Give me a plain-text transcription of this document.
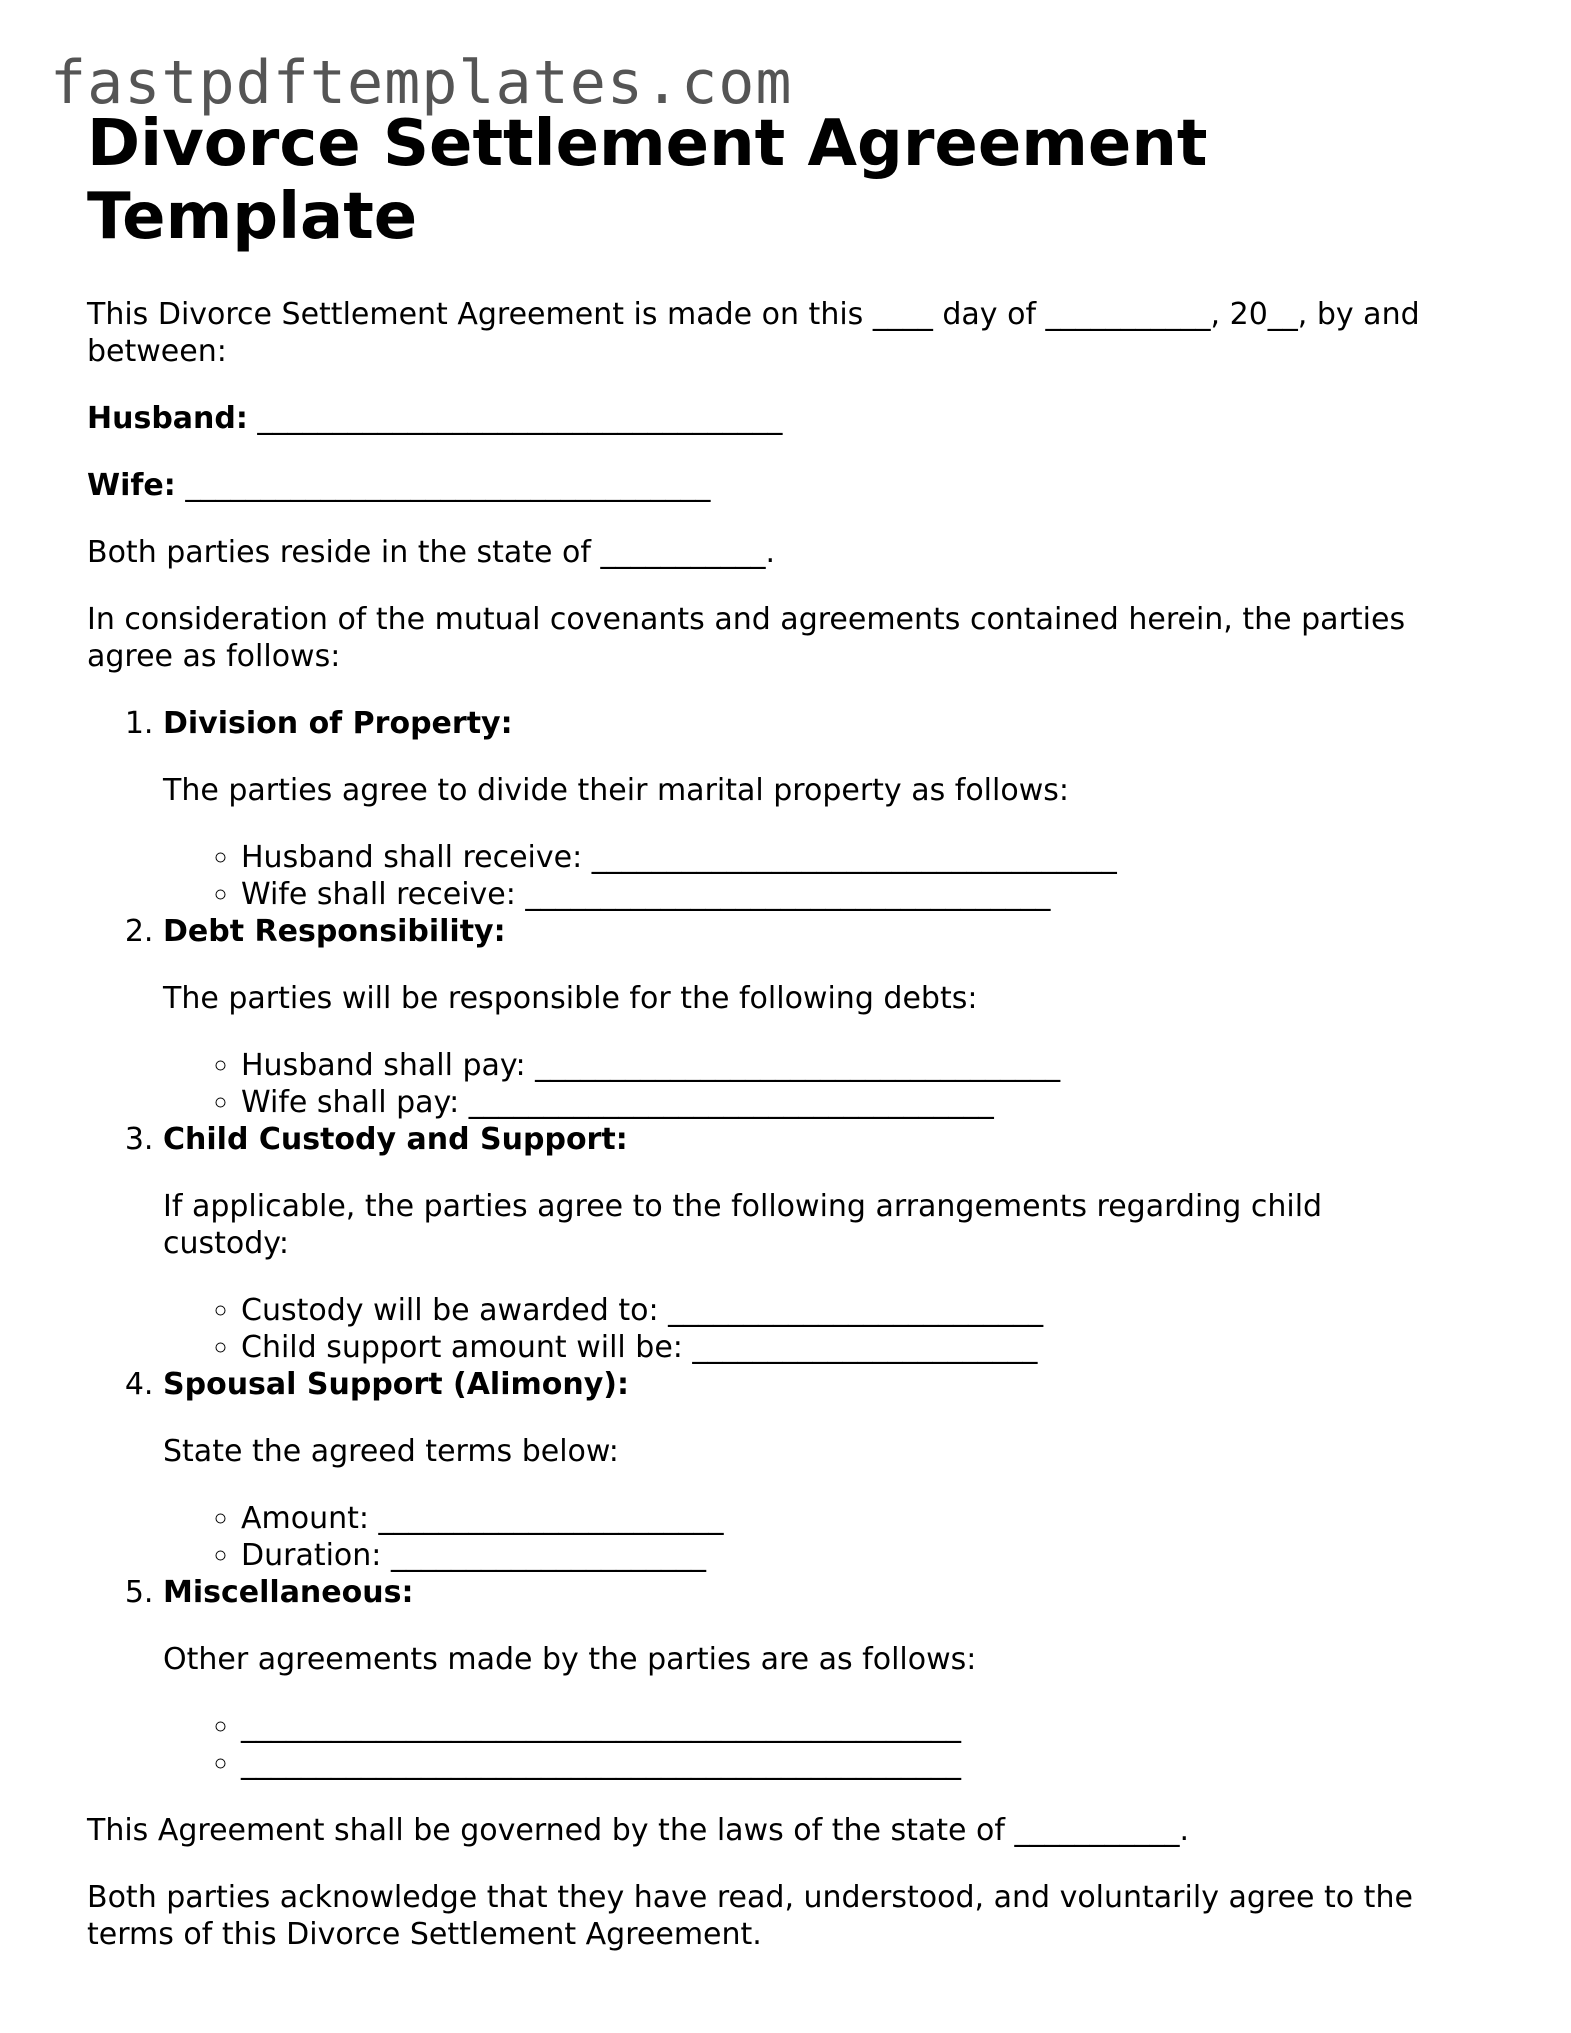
fastpdftemplates.com
Divorce Settlement Agreement Template

This Divorce Settlement Agreement is made on this ____ day of ___________, 20__, by and between:

Husband: ___________________________________

Wife: ___________________________________

Both parties reside in the state of ___________.

In consideration of the mutual covenants and agreements contained herein, the parties agree as follows:

1. Division of Property:

The parties agree to divide their marital property as follows:

◦ Husband shall receive: ___________________________________
◦ Wife shall receive: ___________________________________
2. Debt Responsibility:

The parties will be responsible for the following debts:

◦ Husband shall pay: ___________________________________
◦ Wife shall pay: ___________________________________
3. Child Custody and Support:

If applicable, the parties agree to the following arrangements regarding child custody:

◦ Custody will be awarded to: _________________________
◦ Child support amount will be: _______________________
4. Spousal Support (Alimony):

State the agreed terms below:

◦ Amount: _______________________
◦ Duration: _____________________
5. Miscellaneous:

Other agreements made by the parties are as follows:

◦ ________________________________________________
◦ ________________________________________________

This Agreement shall be governed by the laws of the state of ___________.

Both parties acknowledge that they have read, understood, and voluntarily agree to the terms of this Divorce Settlement Agreement.
